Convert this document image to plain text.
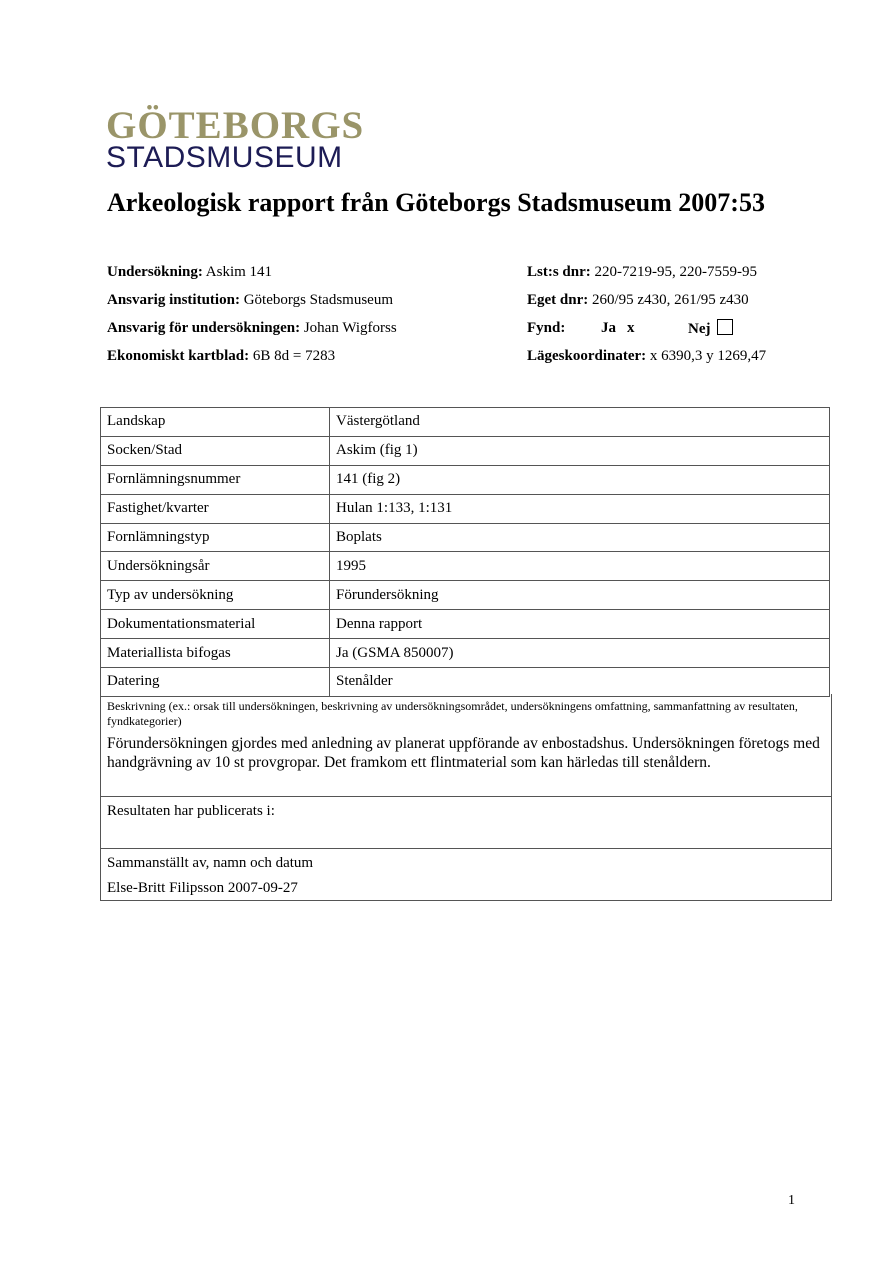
GÖTEBORGS
STADSMUSEUM
Arkeologisk rapport från Göteborgs Stadsmuseum 2007:53
Undersökning: Askim 141
Ansvarig institution: Göteborgs Stadsmuseum
Ansvarig för undersökningen: Johan Wigforss
Ekonomiskt kartblad: 6B 8d = 7283
Lst:s dnr: 220-7219-95, 220-7559-95
Eget dnr: 260/95 z430, 261/95 z430
Fynd: Ja x	Nej
Lägeskoordinater: x 6390,3 y 1269,47
Landskap	Västergötland
Socken/Stad	Askim (fig 1)
Fornlämningsnummer	141 (fig 2)
Fastighet/kvarter	Hulan 1:133, 1:131
Fornlämningstyp	Boplats
Undersökningsår	1995
Typ av undersökning	Förundersökning
Dokumentationsmaterial	Denna rapport
Materiallista bifogas	Ja (GSMA 850007)
Datering	Stenålder
Beskrivning (ex.: orsak till undersökningen, beskrivning av undersökningsområdet, undersökningens omfattning, sammanfattning av resultaten, fyndkategorier)
Förundersökningen gjordes med anledning av planerat uppförande av enbostadshus. Undersökningen företogs med handgrävning av 10 st provgropar. Det framkom ett flintmaterial som kan härledas till stenåldern.
Resultaten har publicerats i:
Sammanställt av, namn och datum
Else-Britt Filipsson 2007-09-27
1
